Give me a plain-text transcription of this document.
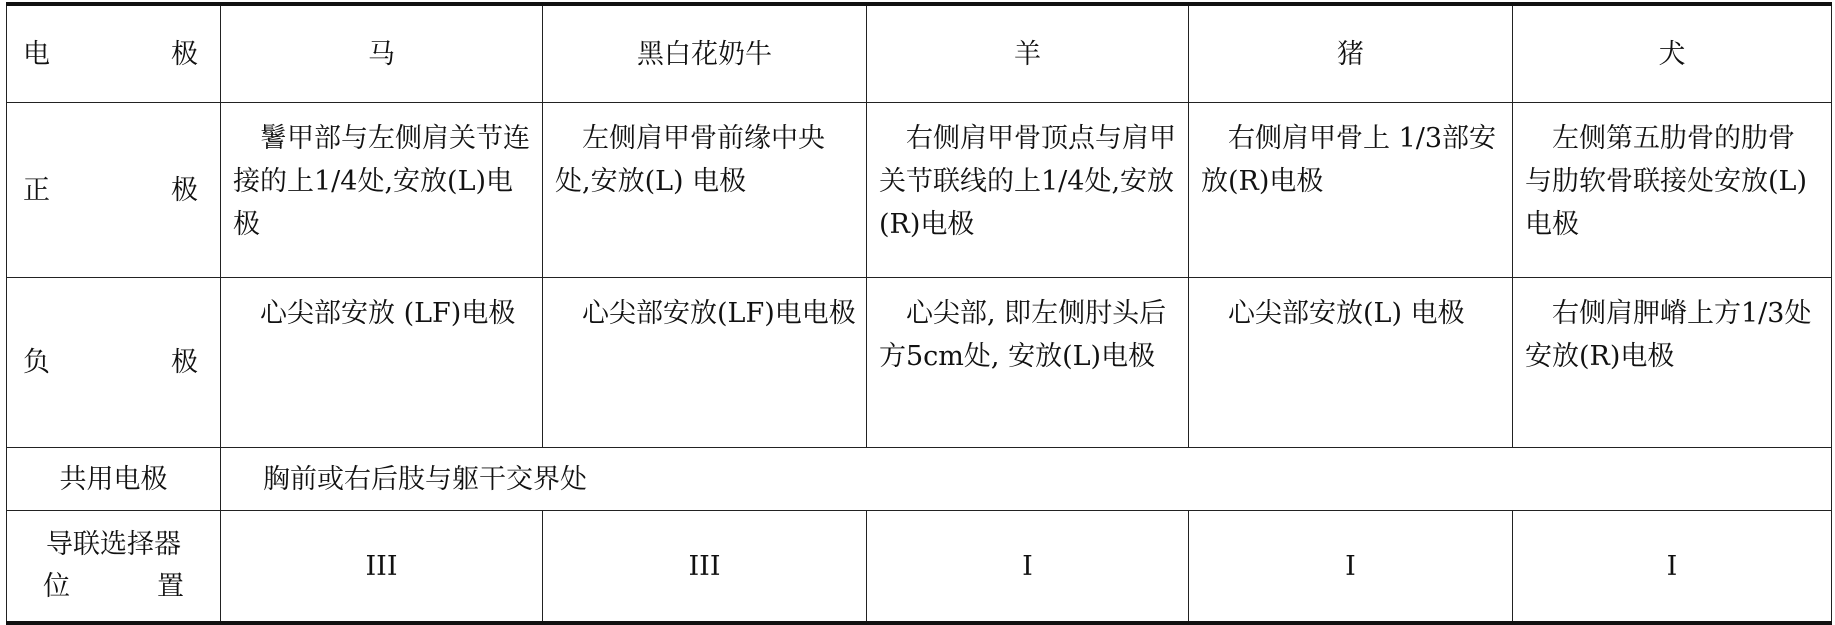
电　　　极	马	黑白花奶牛	羊	猪	犬
正　　　极	鬐甲部与左侧肩关节连接的上1/4处,安放(L)电极	左侧肩甲骨前缘中央处,安放(L) 电极	右侧肩甲骨顶点与肩甲关节联线的上1/4处,安放(R)电极	右侧肩甲骨上 1/3部安放(R)电极	左侧第五肋骨的肋骨与肋软骨联接处安放(L)电极
负　　　极	心尖部安放 (LF)电极	心尖部安放(LF)电电极	心尖部, 即左侧肘头后方5cm处, 安放(L)电极	心尖部安放(L) 电极	右侧肩胛嵴上方1/3处安放(R)电极
共用电极	胸前或右后肢与躯干交界处				
导联选择器位置	III	III	I	I	I
